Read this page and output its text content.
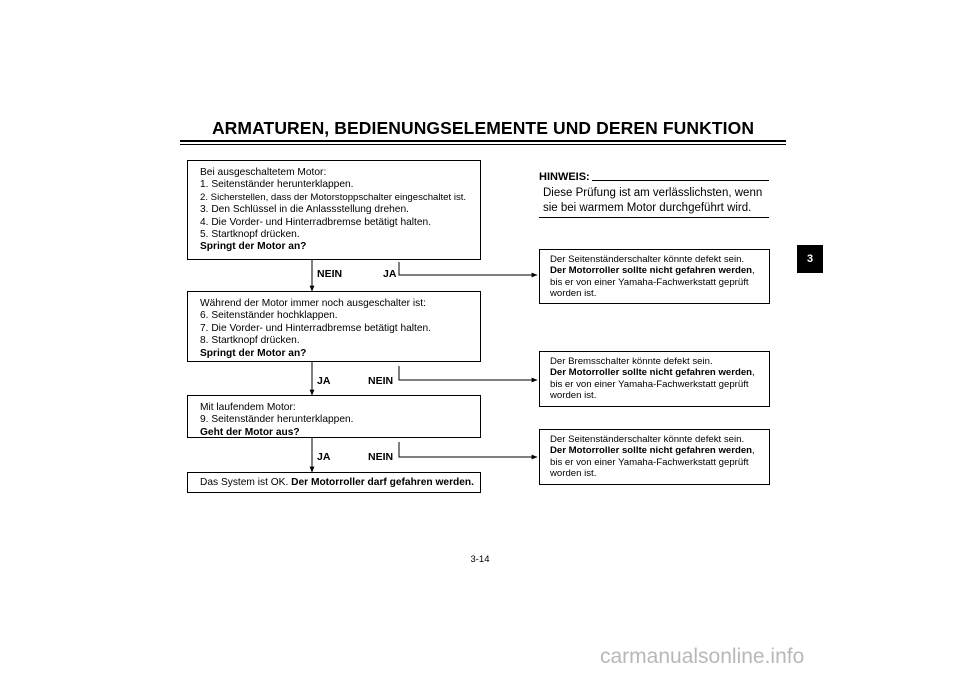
ARMATUREN, BEDIENUNGSELEMENTE UND DEREN FUNKTION
3
Bei ausgeschaltetem Motor:
1. Seitenständer herunterklappen.
2. Sicherstellen, dass der Motorstoppschalter eingeschaltet ist.
3. Den Schlüssel in die Anlassstellung drehen.
4. Die Vorder- und Hinterradbremse betätigt halten.
5. Startknopf drücken.
Springt der Motor an?
NEIN	JA
Während der Motor immer noch ausgeschalter ist:
6. Seitenständer hochklappen.
7. Die Vorder- und Hinterradbremse betätigt halten.
8. Startknopf drücken.
Springt der Motor an?
JA	NEIN
Mit laufendem Motor:
9. Seitenständer herunterklappen.
Geht der Motor aus?
JA	NEIN
Das System ist OK. Der Motorroller darf gefahren werden.
HINWEIS:
Diese Prüfung ist am verlässlichsten, wenn
sie bei warmem Motor durchgeführt wird.
Der Seitenständerschalter könnte defekt sein.
Der Motorroller sollte nicht gefahren werden,
bis er von einer Yamaha-Fachwerkstatt geprüft
worden ist.
Der Bremsschalter könnte defekt sein.
Der Motorroller sollte nicht gefahren werden,
bis er von einer Yamaha-Fachwerkstatt geprüft
worden ist.
Der Seitenständerschalter könnte defekt sein.
Der Motorroller sollte nicht gefahren werden,
bis er von einer Yamaha-Fachwerkstatt geprüft
worden ist.
3-14
carmanualsonline.info
